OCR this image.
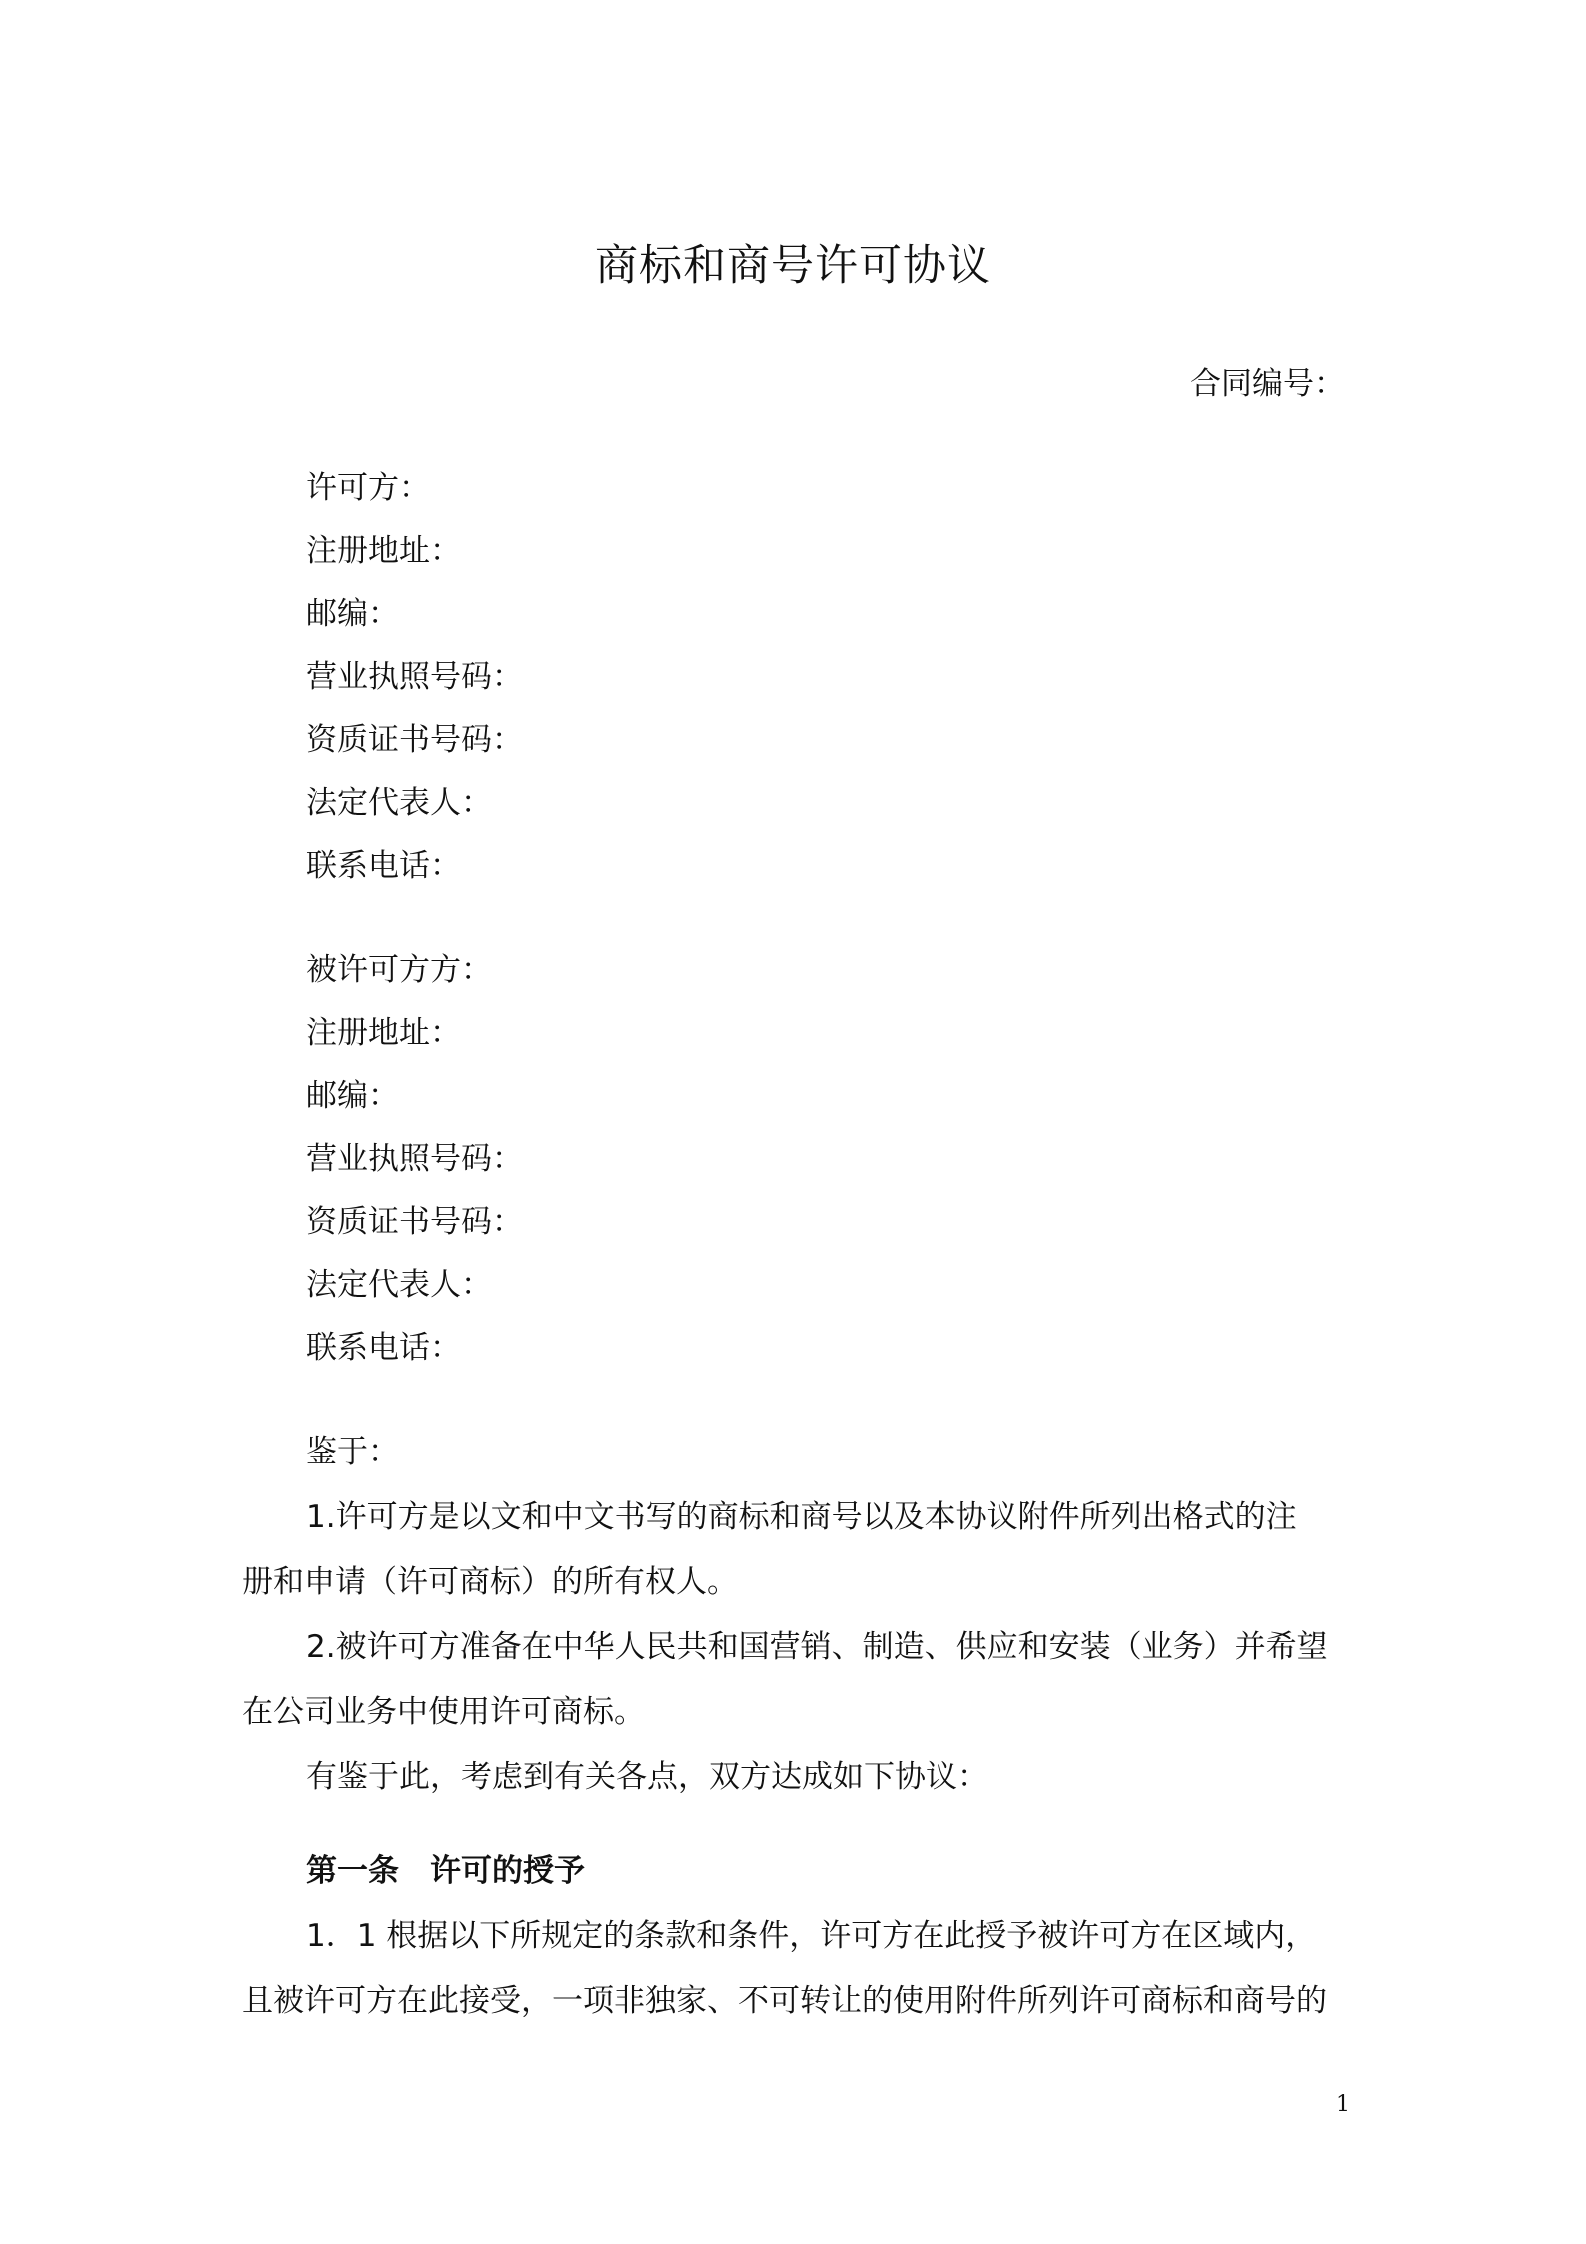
商标和商号许可协议
合同编号：
许可方：
注册地址：
邮编：
营业执照号码：
资质证书号码：
法定代表人：
联系电话：
被许可方方：
注册地址：
邮编：
营业执照号码：
资质证书号码：
法定代表人：
联系电话：
鉴于：
1.许可方是以文和中文书写的商标和商号以及本协议附件所列出格式的注
册和申请（许可商标）的所有权人。
2.被许可方准备在中华人民共和国营销、制造、供应和安装（业务）并希望
在公司业务中使用许可商标。
有鉴于此，考虑到有关各点，双方达成如下协议：
第一条　许可的授予
1．1 根据以下所规定的条款和条件，许可方在此授予被许可方在区域内，
且被许可方在此接受，一项非独家、不可转让的使用附件所列许可商标和商号的
1
